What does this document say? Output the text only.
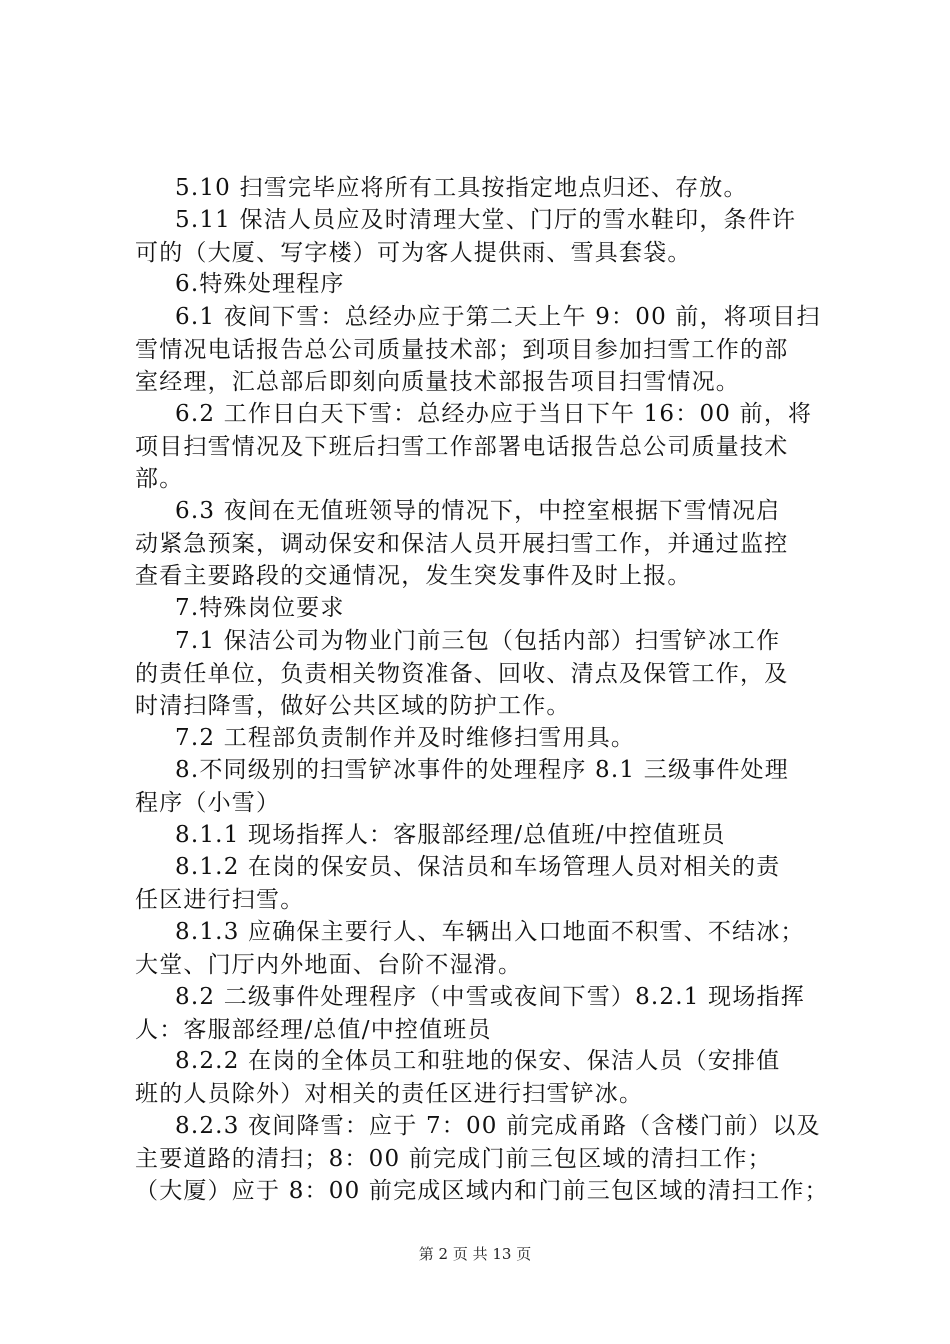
5.10 扫雪完毕应将所有工具按指定地点归还、存放。
5.11 保洁人员应及时清理大堂、门厅的雪水鞋印，条件许
可的（大厦、写字楼）可为客人提供雨、雪具套袋。
6.特殊处理程序
6.1 夜间下雪：总经办应于第二天上午 9：00 前，将项目扫
雪情况电话报告总公司质量技术部；到项目参加扫雪工作的部
室经理，汇总部后即刻向质量技术部报告项目扫雪情况。
6.2 工作日白天下雪：总经办应于当日下午 16：00 前，将
项目扫雪情况及下班后扫雪工作部署电话报告总公司质量技术
部。
6.3 夜间在无值班领导的情况下，中控室根据下雪情况启
动紧急预案，调动保安和保洁人员开展扫雪工作，并通过监控
查看主要路段的交通情况，发生突发事件及时上报。
7.特殊岗位要求
7.1 保洁公司为物业门前三包（包括内部）扫雪铲冰工作
的责任单位，负责相关物资准备、回收、清点及保管工作，及
时清扫降雪，做好公共区域的防护工作。
7.2 工程部负责制作并及时维修扫雪用具。
8.不同级别的扫雪铲冰事件的处理程序 8.1 三级事件处理
程序（小雪）
8.1.1 现场指挥人：客服部经理/总值班/中控值班员
8.1.2 在岗的保安员、保洁员和车场管理人员对相关的责
任区进行扫雪。
8.1.3 应确保主要行人、车辆出入口地面不积雪、不结冰；
大堂、门厅内外地面、台阶不湿滑。
8.2 二级事件处理程序（中雪或夜间下雪）8.2.1 现场指挥
人：客服部经理/总值/中控值班员
8.2.2 在岗的全体员工和驻地的保安、保洁人员（安排值
班的人员除外）对相关的责任区进行扫雪铲冰。
8.2.3 夜间降雪：应于 7：00 前完成甬路（含楼门前）以及
主要道路的清扫；8：00 前完成门前三包区域的清扫工作；
（大厦）应于 8：00 前完成区域内和门前三包区域的清扫工作；
第 2 页 共 13 页
